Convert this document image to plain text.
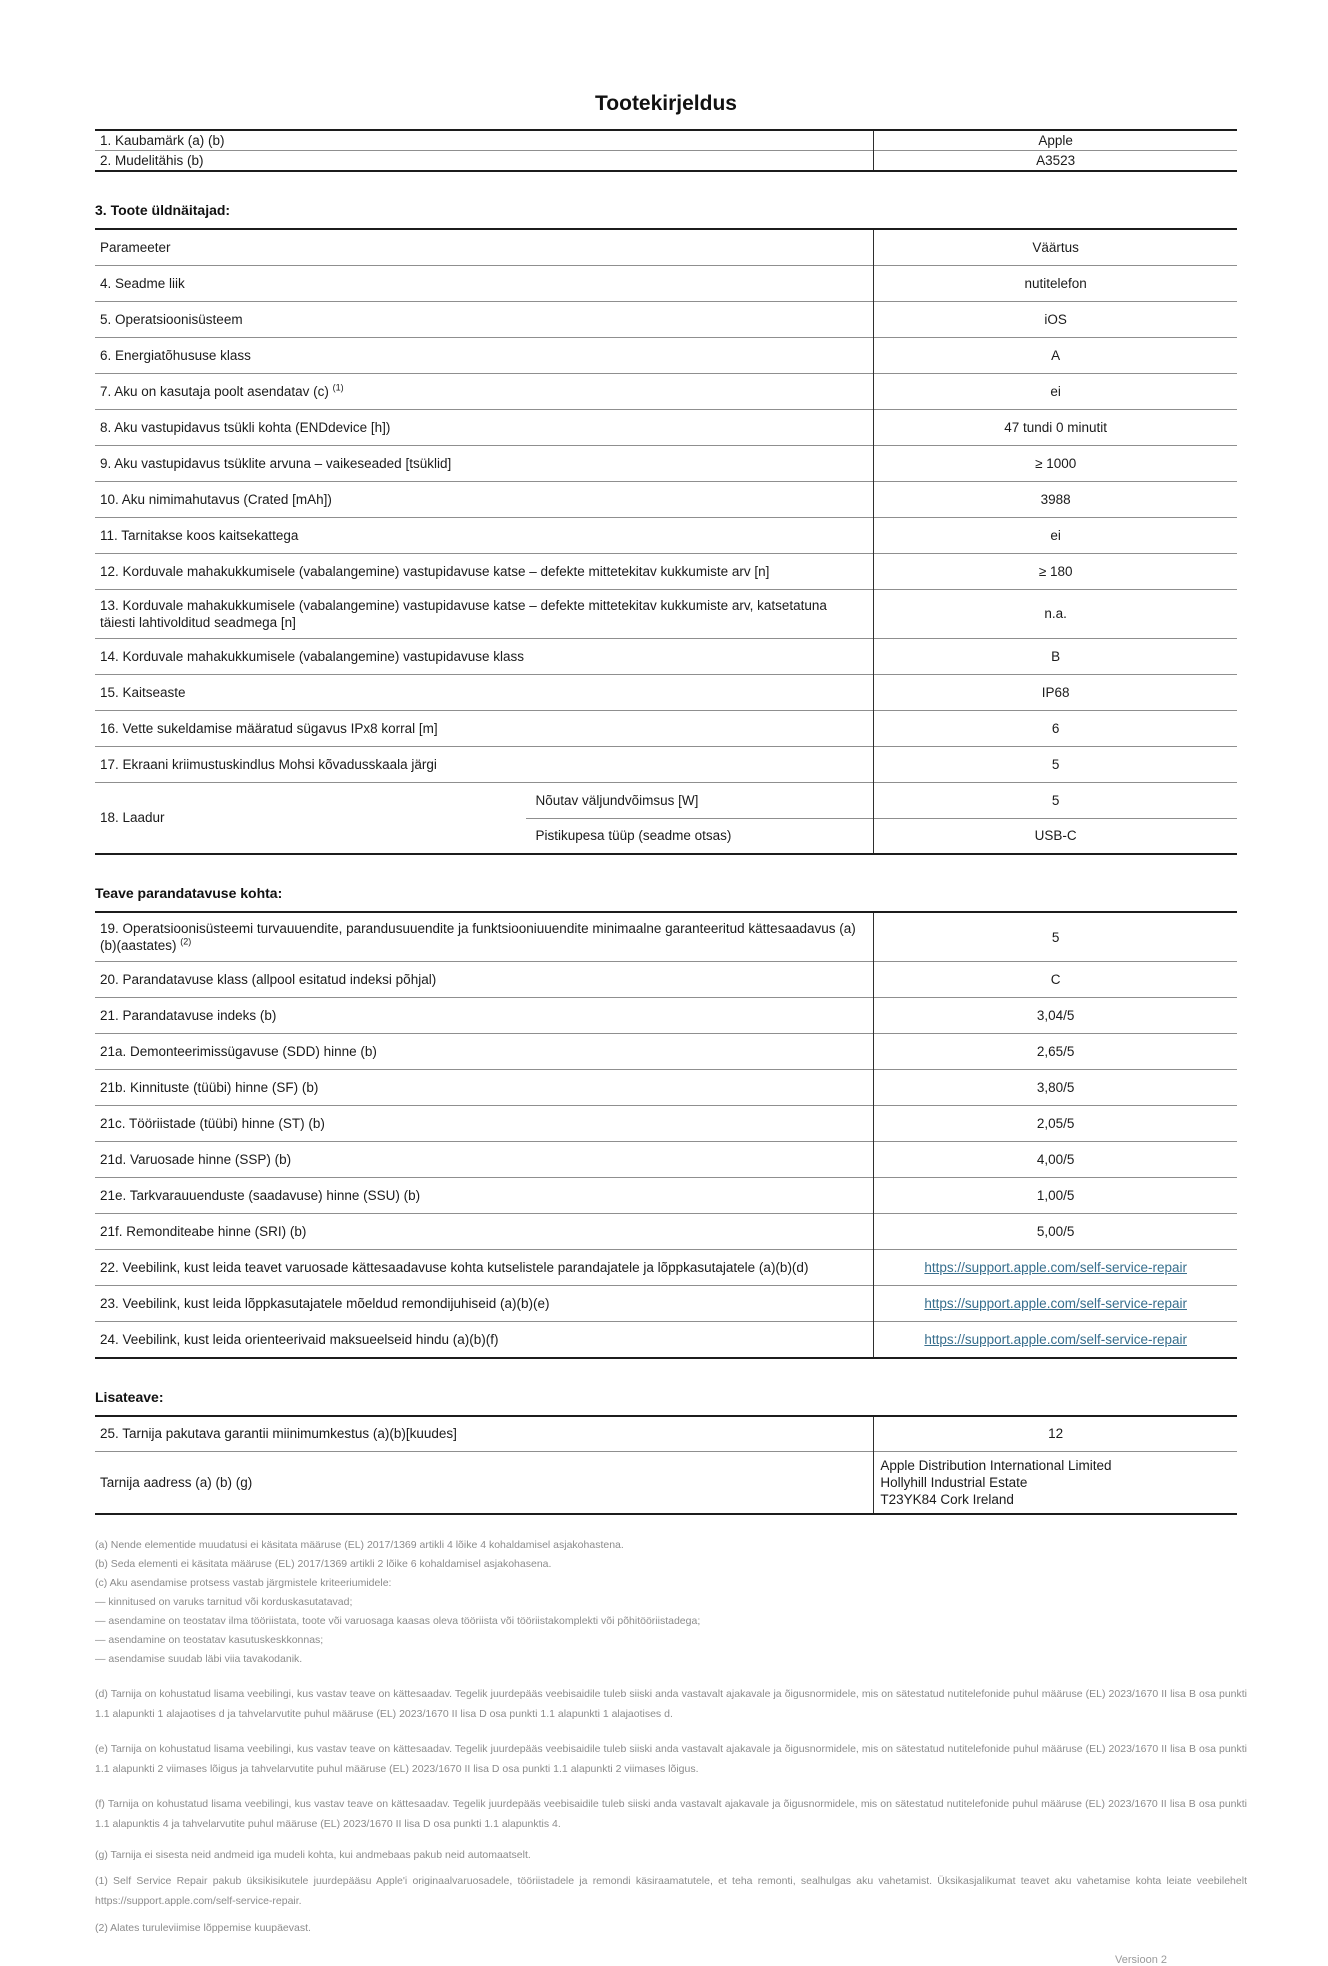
Tootekirjeldus
1. Kaubamärk (a) (b)	Apple
2. Mudelitähis (b)	A3523
3. Toote üldnäitajad:
Parameeter		Väärtus
4. Seadme liik		nutitelefon
5. Operatsioonisüsteem		iOS
6. Energiatõhususe klass		A
7. Aku on kasutaja poolt asendatav (c) $^{(1)}$		ei
8. Aku vastupidavus tsükli kohta (ENDdevice [h])		47 tundi 0 minutit
9. Aku vastupidavus tsüklite arvuna – vaikeseaded [tsüklid]		≥ 1000
10. Aku nimimahutavus (Crated [mAh])		3988
11. Tarnitakse koos kaitsekattega		ei
12. Korduvale mahakukkumisele (vabalangemine) vastupidavuse katse – defekte mittetekitav kukkumiste arv [n]		≥ 180
13. Korduvale mahakukkumisele (vabalangemine) vastupidavuse katse – defekte mittetekitav kukkumiste arv, katsetatuna täiesti lahtivolditud seadmega [n]		n.a.
14. Korduvale mahakukkumisele (vabalangemine) vastupidavuse klass		B
15. Kaitseaste		IP68
16. Vette sukeldamise määratud sügavus IPx8 korral [m]		6
17. Ekraani kriimustuskindlus Mohsi kõvadusskaala järgi		5
18. Laadur	Nõutav väljundvõimsus [W]	5
	Pistikupesa tüüp (seadme otsas)	USB-C
Teave parandatavuse kohta:
19. Operatsioonisüsteemi turvauuendite, parandusuuendite ja funktsiooniuuendite minimaalne garanteeritud kättesaadavus (a)(b)(aastates) $^{(2)}$	5
20. Parandatavuse klass (allpool esitatud indeksi põhjal)	C
21. Parandatavuse indeks (b)	3,04/5
21a. Demonteerimissügavuse (SDD) hinne (b)	2,65/5
21b. Kinnituste (tüübi) hinne (SF) (b)	3,80/5
21c. Tööriistade (tüübi) hinne (ST) (b)	2,05/5
21d. Varuosade hinne (SSP) (b)	4,00/5
21e. Tarkvarauuenduste (saadavuse) hinne (SSU) (b)	1,00/5
21f. Remonditeabe hinne (SRI) (b)	5,00/5
22. Veebilink, kust leida teavet varuosade kättesaadavuse kohta kutselistele parandajatele ja lõppkasutajatele (a)(b)(d)	https://support.apple.com/self-service-repair
23. Veebilink, kust leida lõppkasutajatele mõeldud remondijuhiseid (a)(b)(e)	https://support.apple.com/self-service-repair
24. Veebilink, kust leida orienteerivaid maksueelseid hindu (a)(b)(f)	https://support.apple.com/self-service-repair
Lisateave:
25. Tarnija pakutava garantii miinimumkestus (a)(b)[kuudes]	12
Tarnija aadress (a) (b) (g)	Apple Distribution International Limited
Hollyhill Industrial Estate
T23YK84 Cork Ireland
(a) Nende elementide muudatusi ei käsitata määruse (EL) 2017/1369 artikli 4 lõike 4 kohaldamisel asjakohastena.
(b) Seda elementi ei käsitata määruse (EL) 2017/1369 artikli 2 lõike 6 kohaldamisel asjakohasena.
(c) Aku asendamise protsess vastab järgmistele kriteeriumidele:
— kinnitused on varuks tarnitud või korduskasutatavad;
— asendamine on teostatav ilma tööriistata, toote või varuosaga kaasas oleva tööriista või tööriistakomplekti või põhitööriistadega;
— asendamine on teostatav kasutuskeskkonnas;
— asendamise suudab läbi viia tavakodanik.
(d) Tarnija on kohustatud lisama veebilingi, kus vastav teave on kättesaadav. Tegelik juurdepääs veebisaidile tuleb siiski anda vastavalt ajakavale ja õigusnormidele, mis on sätestatud nutitelefonide puhul määruse (EL) 2023/1670 II lisa B osa punkti 1.1 alapunkti 1 alajaotises d ja tahvelarvutite puhul määruse (EL) 2023/1670 II lisa D osa punkti 1.1 alapunkti 1 alajaotises d.
(e) Tarnija on kohustatud lisama veebilingi, kus vastav teave on kättesaadav. Tegelik juurdepääs veebisaidile tuleb siiski anda vastavalt ajakavale ja õigusnormidele, mis on sätestatud nutitelefonide puhul määruse (EL) 2023/1670 II lisa B osa punkti 1.1 alapunkti 2 viimases lõigus ja tahvelarvutite puhul määruse (EL) 2023/1670 II lisa D osa punkti 1.1 alapunkti 2 viimases lõigus.
(f) Tarnija on kohustatud lisama veebilingi, kus vastav teave on kättesaadav. Tegelik juurdepääs veebisaidile tuleb siiski anda vastavalt ajakavale ja õigusnormidele, mis on sätestatud nutitelefonide puhul määruse (EL) 2023/1670 II lisa B osa punkti 1.1 alapunktis 4 ja tahvelarvutite puhul määruse (EL) 2023/1670 II lisa D osa punkti 1.1 alapunktis 4.
(g) Tarnija ei sisesta neid andmeid iga mudeli kohta, kui andmebaas pakub neid automaatselt.
(1) Self Service Repair pakub üksikisikutele juurdepääsu Apple'i originaalvaruosadele, tööriistadele ja remondi käsiraamatutele, et teha remonti, sealhulgas aku vahetamist. Üksikasjalikumat teavet aku vahetamise kohta leiate veebilehelt https://support.apple.com/self-service-repair.
(2) Alates turuleviimise lõppemise kuupäevast.
Versioon 2
